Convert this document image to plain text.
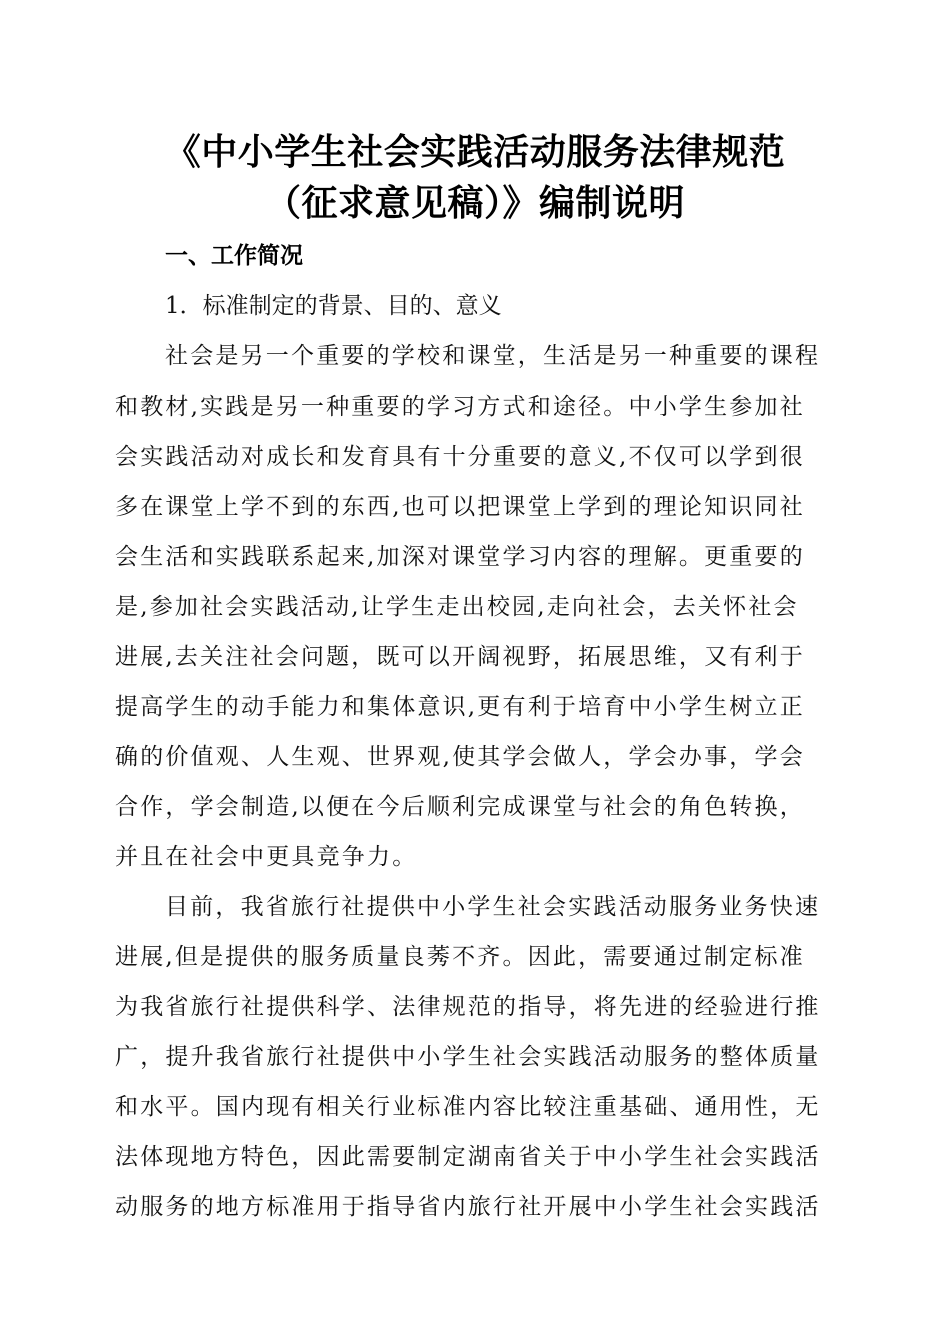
《中小学生社会实践活动服务法律规范
（征求意见稿）》编制说明
一、工作简况
1．标准制定的背景、目的、意义
社会是另一个重要的学校和课堂，生活是另一种重要的课程
和教材,实践是另一种重要的学习方式和途径。中小学生参加社
会实践活动对成长和发育具有十分重要的意义,不仅可以学到很
多在课堂上学不到的东西,也可以把课堂上学到的理论知识同社
会生活和实践联系起来,加深对课堂学习内容的理解。更重要的
是,参加社会实践活动,让学生走出校园,走向社会，去关怀社会
进展,去关注社会问题，既可以开阔视野，拓展思维，又有利于
提高学生的动手能力和集体意识,更有利于培育中小学生树立正
确的价值观、人生观、世界观,使其学会做人，学会办事，学会
合作，学会制造,以便在今后顺利完成课堂与社会的角色转换，
并且在社会中更具竞争力。
目前，我省旅行社提供中小学生社会实践活动服务业务快速
进展,但是提供的服务质量良莠不齐。因此，需要通过制定标准
为我省旅行社提供科学、法律规范的指导，将先进的经验进行推
广，提升我省旅行社提供中小学生社会实践活动服务的整体质量
和水平。国内现有相关行业标准内容比较注重基础、通用性，无
法体现地方特色，因此需要制定湖南省关于中小学生社会实践活
动服务的地方标准用于指导省内旅行社开展中小学生社会实践活
